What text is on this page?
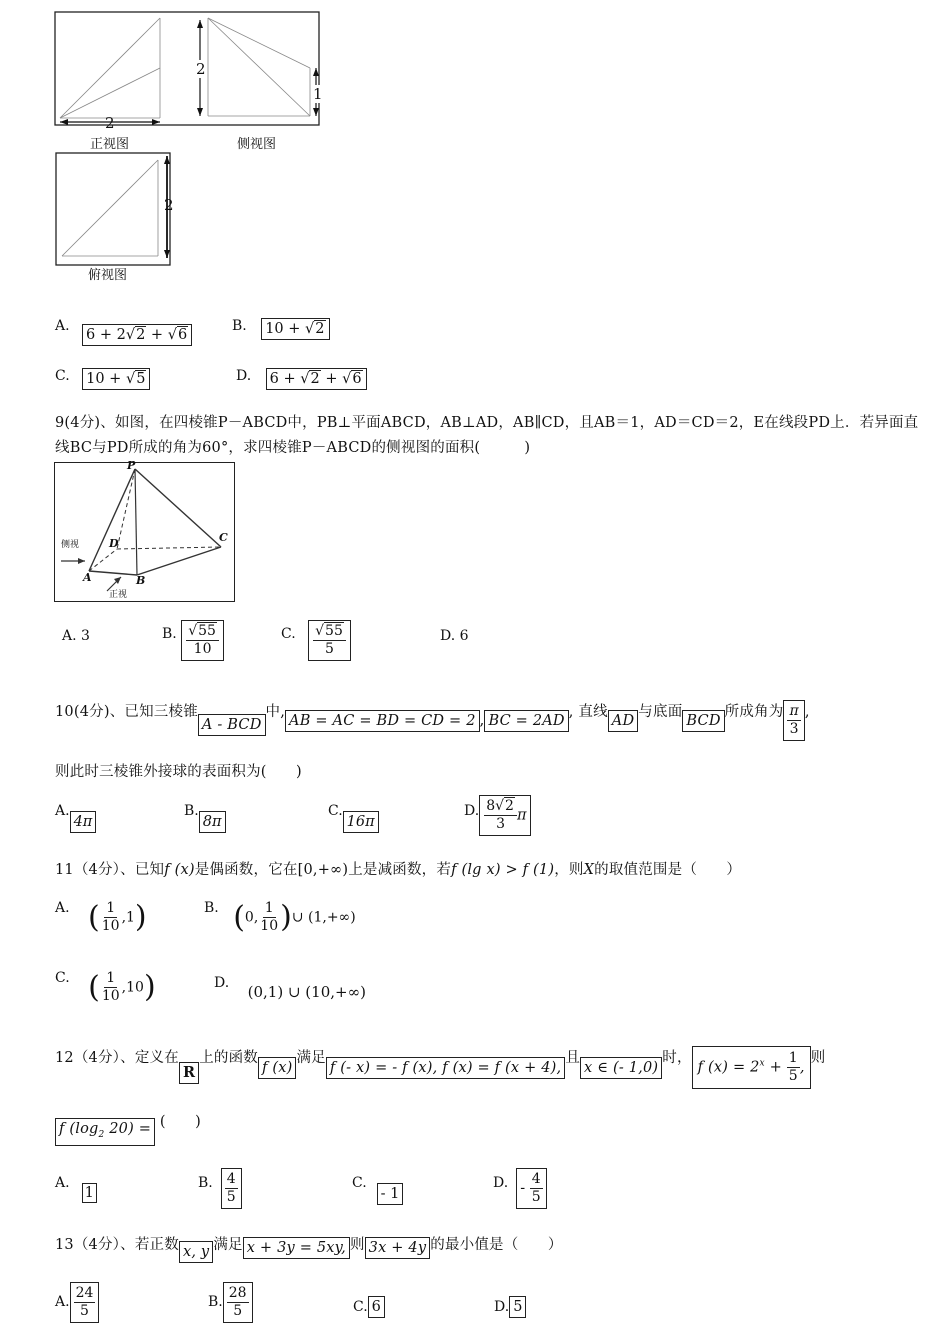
2
正视图	侧视图
2
1
2
俯视图
A. 6 + 2√2 + √6
B. 10 + √2
C. 10 + √5	D. 6 + √2 + √6
9(4分)、如图，在四棱锥P－ABCD中，PB⊥平面ABCD，AB⊥AD，AB∥CD，且AB＝1，AD＝CD＝2，E在线段PD上．若异面直
线BC与PD所成的角为60°，求四棱锥P－ABCD的侧视图的面积(　　　)
P
D	C
A	B
侧视
正视
A. 3	B. $\frac{√55}{10}$	C. $\frac{√55}{5}$	D. 6
10(4分)、已知三棱锥A - BCD中,AB = AC = BD = CD = 2 , BC = 2AD, 直线AD与底面BCD所成角为 $\frac{\pi}{3}$ ,
则此时三棱锥外接球的表面积为(　　)
A.4π
B.8π
C.16π
D. $\frac{8√2}{3}$ π
11（4分）、已知f (x)是偶函数，它在[0,+∞)上是减函数，若f (lg x) > f (1)，则X的取值范围是（　　）
A. ( $\frac{1}{10} ,1$)	B. (0, $\frac{1}{10}$ )∪ (1,+∞)
C. ( $\frac{1}{10} ,10$)	D. (0,1) ∪ (10,+∞)
12（4分）、定义在R上的函数f (x)满足f (- x) = - f (x), f (x) = f (x + 4),且x ∈ (- 1,0)时，f $(x) = 2^x + \frac{1}{5}$ ,则
f ($\log_2$ 20) = (　　)
A.1
B. $\frac{4}{5}$	C.- 1
D. - $\frac{4}{5}$
13（4分）、若正数 x, y 满足 x + 3y = 5xy, 则 3x + 4y 的最小值是（　　）
A. $\frac{24}{5}$	B. $\frac{28}{5}$	C. 6	D. 5
